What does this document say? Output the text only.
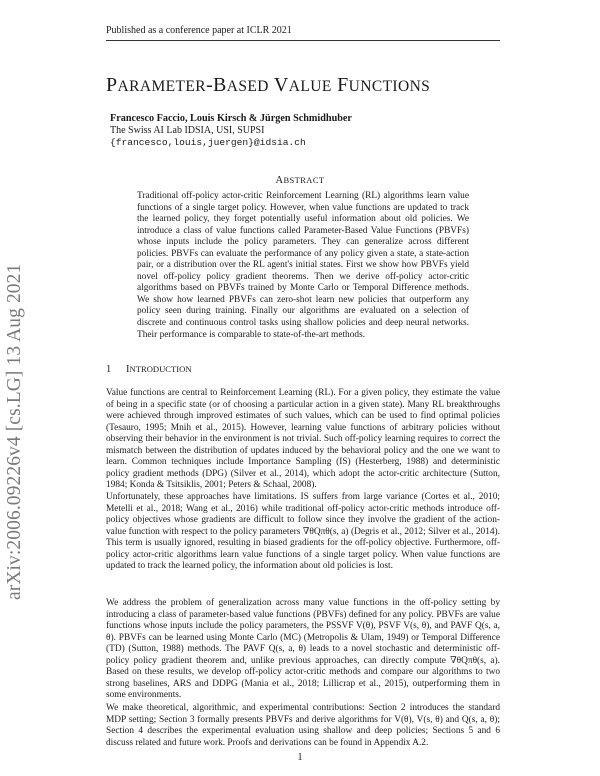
Published as a conference paper at ICLR 2021
arXiv:2006.09226v4 [cs.LG] 13 Aug 2021
PARAMETER-BASED VALUE FUNCTIONS
Francesco Faccio, Louis Kirsch & Jürgen Schmidhuber
The Swiss AI Lab IDSIA, USI, SUPSI
{francesco,louis,juergen}@idsia.ch
ABSTRACT
Traditional off-policy actor-critic Reinforcement Learning (RL) algorithms learn value functions of a single target policy. However, when value functions are updated to track the learned policy, they forget potentially useful information about old policies. We introduce a class of value functions called Parameter-Based Value Functions (PBVFs) whose inputs include the policy parameters. They can generalize across different policies. PBVFs can evaluate the performance of any policy given a state, a state-action pair, or a distribution over the RL agent's initial states. First we show how PBVFs yield novel off-policy policy gradient theorems. Then we derive off-policy actor-critic algorithms based on PBVFs trained by Monte Carlo or Temporal Difference methods. We show how learned PBVFs can zero-shot learn new policies that outperform any policy seen during training. Finally our algorithms are evaluated on a selection of discrete and continuous control tasks using shallow policies and deep neural networks. Their performance is comparable to state-of-the-art methods.
1 INTRODUCTION
Value functions are central to Reinforcement Learning (RL). For a given policy, they estimate the value of being in a specific state (or of choosing a particular action in a given state). Many RL breakthroughs were achieved through improved estimates of such values, which can be used to find optimal policies (Tesauro, 1995; Mnih et al., 2015). However, learning value functions of arbitrary policies without observing their behavior in the environment is not trivial. Such off-policy learning requires to correct the mismatch between the distribution of updates induced by the behavioral policy and the one we want to learn. Common techniques include Importance Sampling (IS) (Hesterberg, 1988) and deterministic policy gradient methods (DPG) (Silver et al., 2014), which adopt the actor-critic architecture (Sutton, 1984; Konda & Tsitsiklis, 2001; Peters & Schaal, 2008).
Unfortunately, these approaches have limitations. IS suffers from large variance (Cortes et al., 2010; Metelli et al., 2018; Wang et al., 2016) while traditional off-policy actor-critic methods introduce off-policy objectives whose gradients are difficult to follow since they involve the gradient of the action-value function with respect to the policy parameters ∇θQπθ(s, a) (Degris et al., 2012; Silver et al., 2014). This term is usually ignored, resulting in biased gradients for the off-policy objective. Furthermore, off-policy actor-critic algorithms learn value functions of a single target policy. When value functions are updated to track the learned policy, the information about old policies is lost.
We address the problem of generalization across many value functions in the off-policy setting by introducing a class of parameter-based value functions (PBVFs) defined for any policy. PBVFs are value functions whose inputs include the policy parameters, the PSSVF V(θ), PSVF V(s, θ), and PAVF Q(s, a, θ). PBVFs can be learned using Monte Carlo (MC) (Metropolis & Ulam, 1949) or Temporal Difference (TD) (Sutton, 1988) methods. The PAVF Q(s, a, θ) leads to a novel stochastic and deterministic off-policy policy gradient theorem and, unlike previous approaches, can directly compute ∇θQπθ(s, a). Based on these results, we develop off-policy actor-critic methods and compare our algorithms to two strong baselines, ARS and DDPG (Mania et al., 2018; Lillicrap et al., 2015), outperforming them in some environments.
We make theoretical, algorithmic, and experimental contributions: Section 2 introduces the standard MDP setting; Section 3 formally presents PBVFs and derive algorithms for V(θ), V(s, θ) and Q(s, a, θ); Section 4 describes the experimental evaluation using shallow and deep policies; Sections 5 and 6 discuss related and future work. Proofs and derivations can be found in Appendix A.2.
1
